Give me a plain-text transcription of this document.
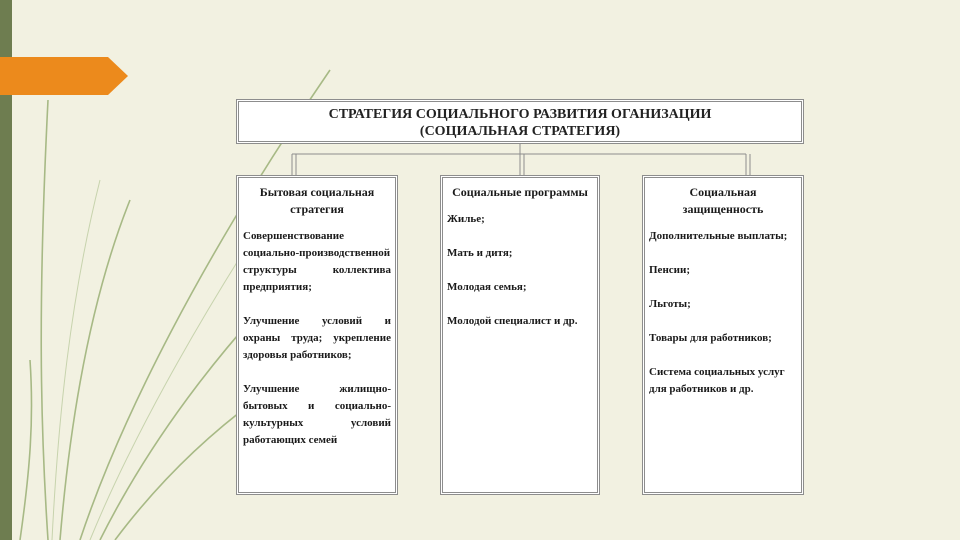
СТРАТЕГИЯ СОЦИАЛЬНОГО РАЗВИТИЯ ОГАНИЗАЦИИ
(СОЦИАЛЬНАЯ СТРАТЕГИЯ)
Бытовая социальная стратегия

Совершенствование социально-производственной структуры коллектива предприятия;

Улучшение условий и охраны труда; укрепление здоровья работников;

Улучшение жилищно-бытовых и социально-культурных условий работающих семей

Социальные программы

Жилье;

Мать и дитя;

Молодая семья;

Молодой специалист и др.

Социальная защищенность

Дополнительные выплаты;

Пенсии;

Льготы;

Товары для работников;

Система социальных услуг для работников и др.
